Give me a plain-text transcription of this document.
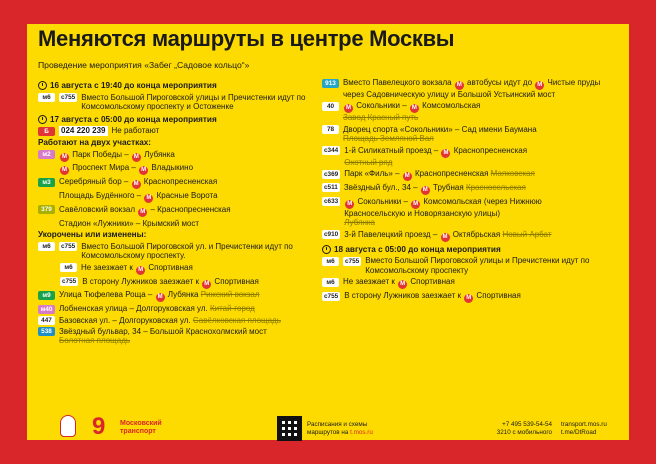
Меняются маршруты в центре Москвы
Проведение мероприятия «Забег „Садовое кольцо“»
16 августа с 19:40 до конца мероприятия
м6	с755 Вместо Большой Пироговской улицы и Пречистенки идут по Комсомольскому проспекту и Остоженке
17 августа с 05:00 до конца мероприятия
Б	024 220 239 Не работают
Работают на двух участках:
м2	М Парк Победы – М Лубянка
М Проспект Мира – М Владыкино
м3	Серебряный бор – М Краснопресненская
Площадь Будённого – М Красные Ворота
379 Савёловский вокзал М – Краснопресненская
Стадион «Лужники» – Крымский мост
Укорочены или изменены:
м6	с755 Вместо Большой Пироговской ул. и Пречистенки идут по Комсомольскому проспекту.
м6	Не заезжает к М Спортивная
с755 В сторону Лужников заезжает к М Спортивная
м9	Улица Тюфелева Роща – М Лубянка Рижский вокзал
м40 Лобненская улица – Долгоруковская ул. Китай-город
447 Базовская ул. – Долгоруковская ул. Савёлковская площадь
538 Звёздный бульвар, 34 – Большой Краснохолмский мост
Болотная площадь
913 Вместо Павелецкого вокзала М автобусы идут до М Чистые пруды через Садовническую улицу и Большой Устьинский мост
40	М Сокольники – М Комсомольская
Завод Красный путь
78	Дворец спорта «Сокольники» – Сад имени Баумана
Площадь Земляной Вал
с344 1-й Силикатный проезд – М Краснопресненская
Охотный ряд
с369 Парк «Филь» – М Краснопресненская Маяковская
с511 Звёздный бул., 34 – М Трубная Красносельская
с633	М Сокольники – М Комсомольская (через Нижнюю Красносельскую и Новорязанскую улицы)
Лубянка
с910 3-й Павелецкий проезд – М Октябрьская Новый Арбат
18 августа с 05:00 до конца мероприятия
м6	с755 Вместо Большой Пироговской улицы и Пречистенки идут по Комсомольскому проспекту
м6	Не заезжает к М Спортивная
с755 В сторону Лужников заезжает к М Спортивная
9 Московский транспорт
Расписания и схемы маршрутов на t.mos.ru
+7 495 539-54-54
3210 с мобильного
transport.mos.ru
t.me/DtRoad
